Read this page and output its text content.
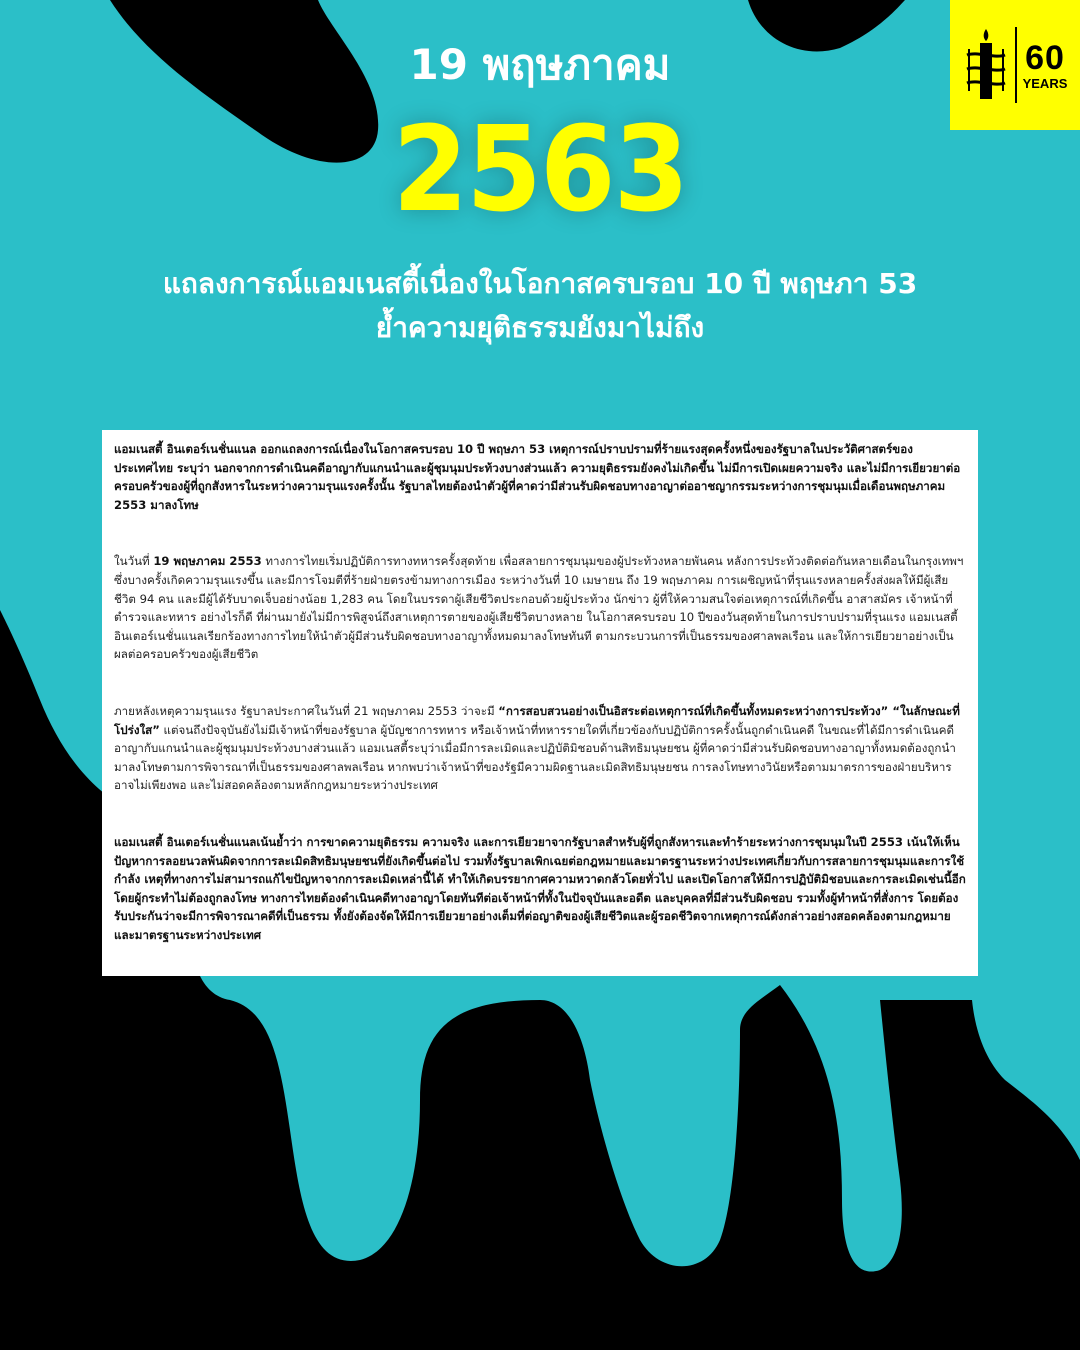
60
YEARS
19 พฤษภาคม
2563
แถลงการณ์แอมเนสตี้เนื่องในโอกาสครบรอบ 10 ปี พฤษภา 53
ย้ำความยุติธรรมยังมาไม่ถึง

แอมเนสตี้ อินเตอร์เนชั่นแนล ออกแถลงการณ์เนื่องในโอกาสครบรอบ 10 ปี พฤษภา 53 เหตุการณ์ปราบปรามที่ร้ายแรงสุดครั้งหนึ่งของรัฐบาลในประวัติศาสตร์ของประเทศไทย ระบุว่า นอกจากการดำเนินคดีอาญากับแกนนำและผู้ชุมนุมประท้วงบางส่วนแล้ว ความยุติธรรมยังคงไม่เกิดขึ้น ไม่มีการเปิดเผยความจริง และไม่มีการเยียวยาต่อครอบครัวของผู้ที่ถูกสังหารในระหว่างความรุนแรงครั้งนั้น รัฐบาลไทยต้องนำตัวผู้ที่คาดว่ามีส่วนรับผิดชอบทางอาญาต่ออาชญากรรมระหว่างการชุมนุมเมื่อเดือนพฤษภาคม 2553 มาลงโทษ

ในวันที่ 19 พฤษภาคม 2553 ทางการไทยเริ่มปฏิบัติการทางทหารครั้งสุดท้าย เพื่อสลายการชุมนุมของผู้ประท้วงหลายพันคน หลังการประท้วงติดต่อกันหลายเดือนในกรุงเทพฯ ซึ่งบางครั้งเกิดความรุนแรงขึ้น และมีการโจมตีที่ร้ายฝ่ายตรงข้ามทางการเมือง ระหว่างวันที่ 10 เมษายน ถึง 19 พฤษภาคม การเผชิญหน้าที่รุนแรงหลายครั้งส่งผลให้มีผู้เสียชีวิต 94 คน และมีผู้ได้รับบาดเจ็บอย่างน้อย 1,283 คน โดยในบรรดาผู้เสียชีวิตประกอบด้วยผู้ประท้วง นักข่าว ผู้ที่ให้ความสนใจต่อเหตุการณ์ที่เกิดขึ้น อาสาสมัคร เจ้าหน้าที่ตำรวจและทหาร อย่างไรก็ดี ที่ผ่านมายังไม่มีการพิสูจน์ถึงสาเหตุการตายของผู้เสียชีวิตบางหลาย ในโอกาสครบรอบ 10 ปีของวันสุดท้ายในการปราบปรามที่รุนแรง แอมเนสตี้ อินเตอร์เนชั่นแนลเรียกร้องทางการไทยให้นำตัวผู้มีส่วนรับผิดชอบทางอาญาทั้งหมดมาลงโทษทันที ตามกระบวนการที่เป็นธรรมของศาลพลเรือน และให้การเยียวยาอย่างเป็นผลต่อครอบครัวของผู้เสียชีวิต

ภายหลังเหตุความรุนแรง รัฐบาลประกาศในวันที่ 21 พฤษภาคม 2553 ว่าจะมี “การสอบสวนอย่างเป็นอิสระต่อเหตุการณ์ที่เกิดขึ้นทั้งหมดระหว่างการประท้วง” “ในลักษณะที่โปร่งใส” แต่จนถึงปัจจุบันยังไม่มีเจ้าหน้าที่ของรัฐบาล ผู้บัญชาการทหาร หรือเจ้าหน้าที่ทหารรายใดที่เกี่ยวข้องกับปฏิบัติการครั้งนั้นถูกดำเนินคดี ในขณะที่ได้มีการดำเนินคดีอาญากับแกนนำและผู้ชุมนุมประท้วงบางส่วนแล้ว แอมเนสตี้ระบุว่าเมื่อมีการละเมิดและปฏิบัติมิชอบด้านสิทธิมนุษยชน ผู้ที่คาดว่ามีส่วนรับผิดชอบทางอาญาทั้งหมดต้องถูกนำมาลงโทษตามการพิจารณาที่เป็นธรรมของศาลพลเรือน หากพบว่าเจ้าหน้าที่ของรัฐมีความผิดฐานละเมิดสิทธิมนุษยชน การลงโทษทางวินัยหรือตามมาตรการของฝ่ายบริหารอาจไม่เพียงพอ และไม่สอดคล้องตามหลักกฎหมายระหว่างประเทศ

แอมเนสตี้ อินเตอร์เนชั่นแนลเน้นย้ำว่า การขาดความยุติธรรม ความจริง และการเยียวยาจากรัฐบาลสำหรับผู้ที่ถูกสังหารและทำร้ายระหว่างการชุมนุมในปี 2553 เน้นให้เห็นปัญหาการลอยนวลพ้นผิดจากการละเมิดสิทธิมนุษยชนที่ยังเกิดขึ้นต่อไป รวมทั้งรัฐบาลเพิกเฉยต่อกฎหมายและมาตรฐานระหว่างประเทศเกี่ยวกับการสลายการชุมนุมและการใช้กำลัง เหตุที่ทางการไม่สามารถแก้ไขปัญหาจากการละเมิดเหล่านี้ได้ ทำให้เกิดบรรยากาศความหวาดกลัวโดยทั่วไป และเปิดโอกาสให้มีการปฏิบัติมิชอบและการละเมิดเช่นนี้อีก โดยผู้กระทำไม่ต้องถูกลงโทษ ทางการไทยต้องดำเนินคดีทางอาญาโดยทันทีต่อเจ้าหน้าที่ทั้งในปัจจุบันและอดีต และบุคคลที่มีส่วนรับผิดชอบ รวมทั้งผู้ทำหน้าที่สั่งการ โดยต้องรับประกันว่าจะมีการพิจารณาคดีที่เป็นธรรม ทั้งยังต้องจัดให้มีการเยียวยาอย่างเต็มที่ต่อญาติของผู้เสียชีวิตและผู้รอดชีวิตจากเหตุการณ์ดังกล่าวอย่างสอดคล้องตามกฎหมายและมาตรฐานระหว่างประเทศ
